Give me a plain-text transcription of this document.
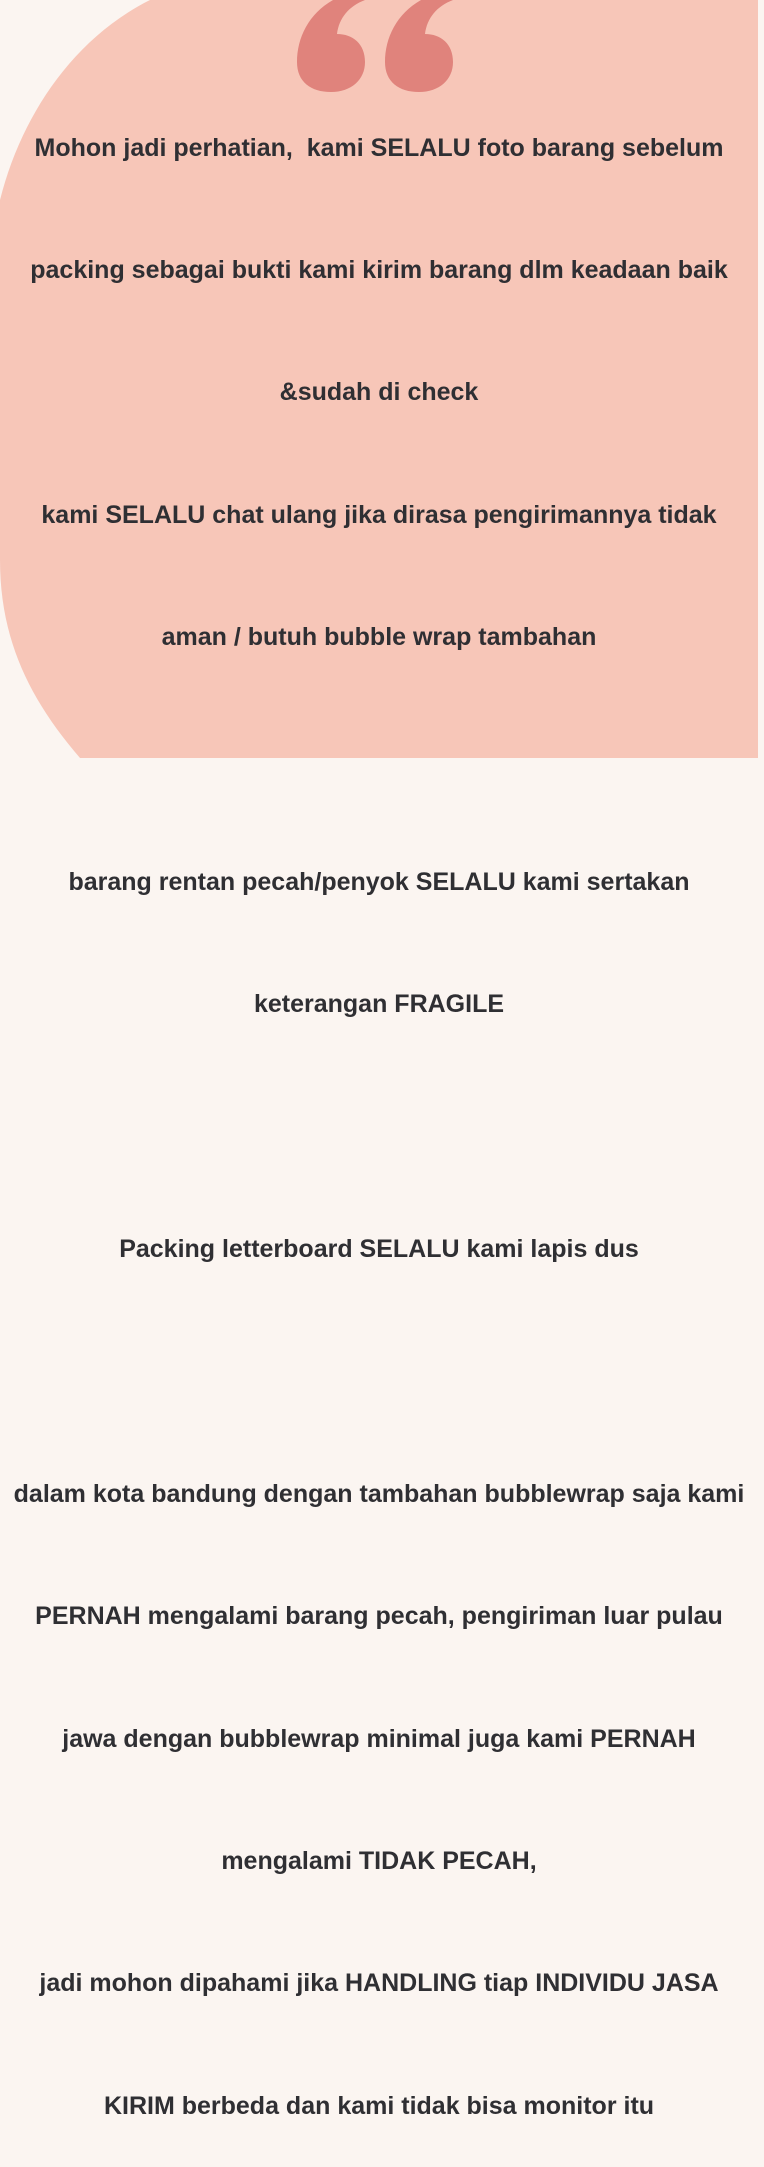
Mohon jadi perhatian,  kami SELALU foto barang sebelum

packing sebagai bukti kami kirim barang dlm keadaan baik

&sudah di check

kami SELALU chat ulang jika dirasa pengirimannya tidak

aman / butuh bubble wrap tambahan

barang rentan pecah/penyok SELALU kami sertakan

keterangan FRAGILE

Packing letterboard SELALU kami lapis dus

dalam kota bandung dengan tambahan bubblewrap saja kami

PERNAH mengalami barang pecah, pengiriman luar pulau

jawa dengan bubblewrap minimal juga kami PERNAH

mengalami TIDAK PECAH,

jadi mohon dipahami jika HANDLING tiap INDIVIDU JASA

KIRIM berbeda dan kami tidak bisa monitor itu
